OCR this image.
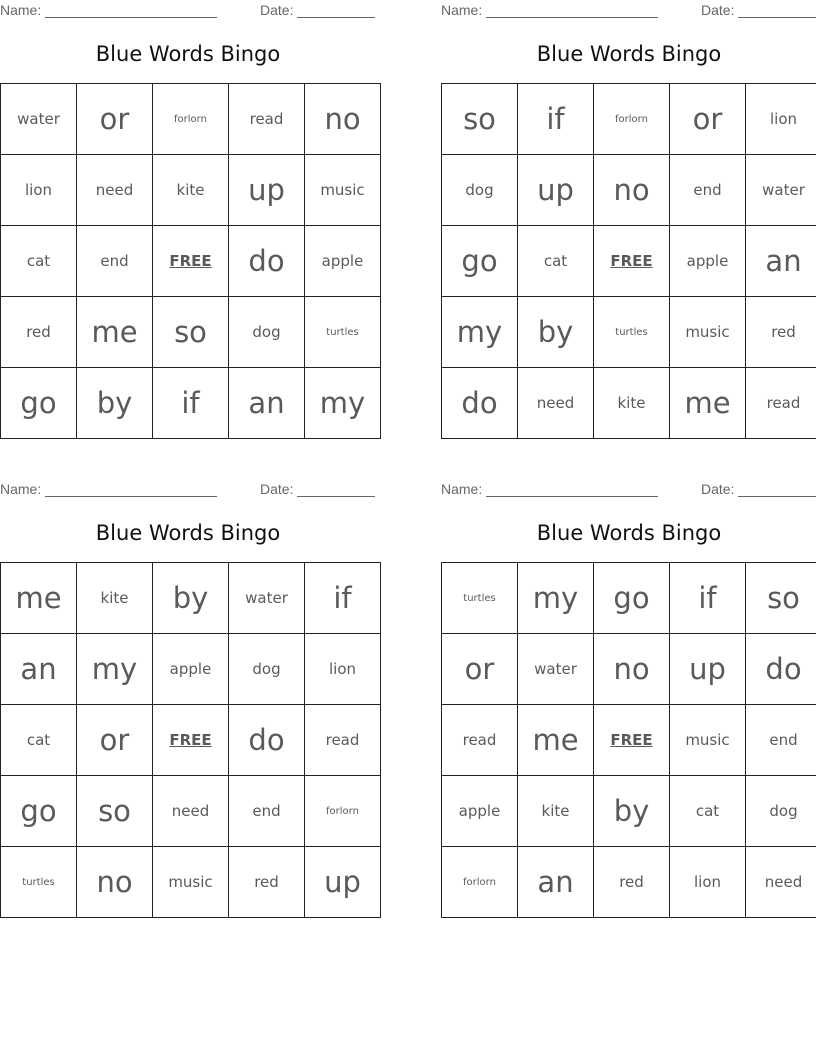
Name:	Date:
Blue Words Bingo
water	or	forlorn	read	no
lion	need	kite	up	music
cat	end	FREE	do	apple
red	me	so	dog	turtles
go	by	if	an	my
Name:	Date:
Blue Words Bingo
so	if	forlorn	or	lion
dog	up	no	end	water
go	cat	FREE	apple	an
my	by	turtles	music	red
do	need	kite	me	read
Name:	Date:
Blue Words Bingo
me	kite	by	water	if
an	my	apple	dog	lion
cat	or	FREE	do	read
go	so	need	end	forlorn
turtles	no	music	red	up
Name:	Date:
Blue Words Bingo
turtles	my	go	if	so
or	water	no	up	do
read	me	FREE	music	end
apple	kite	by	cat	dog
forlorn	an	red	lion	need
